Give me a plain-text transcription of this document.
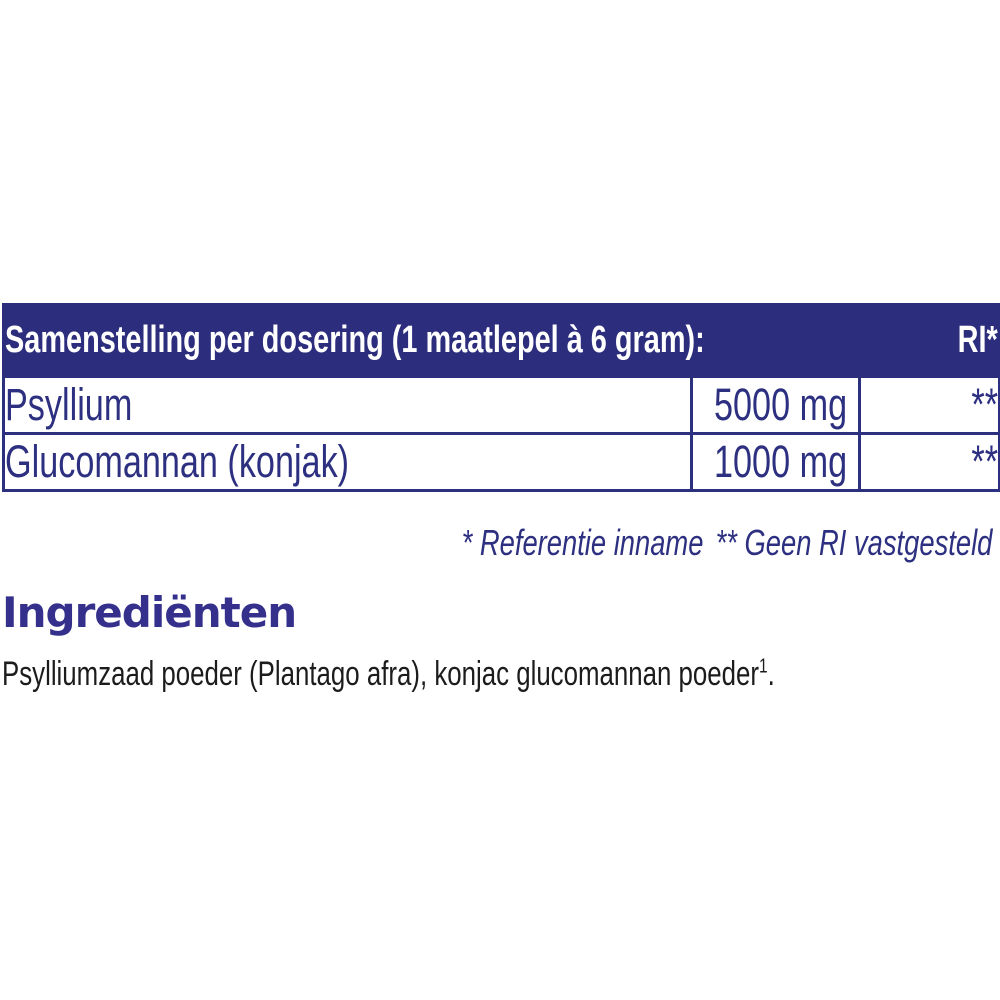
Samenstelling per dosering (1 maatlepel à 6 gram):		RI*
Psyllium	5000 mg	**
Glucomannan (konjak)	1000 mg	**
* Referentie inname ** Geen RI vastgesteld
Ingrediënten

Psylliumzaad poeder (Plantago afra), konjac glucomannan poeder$^1$.
